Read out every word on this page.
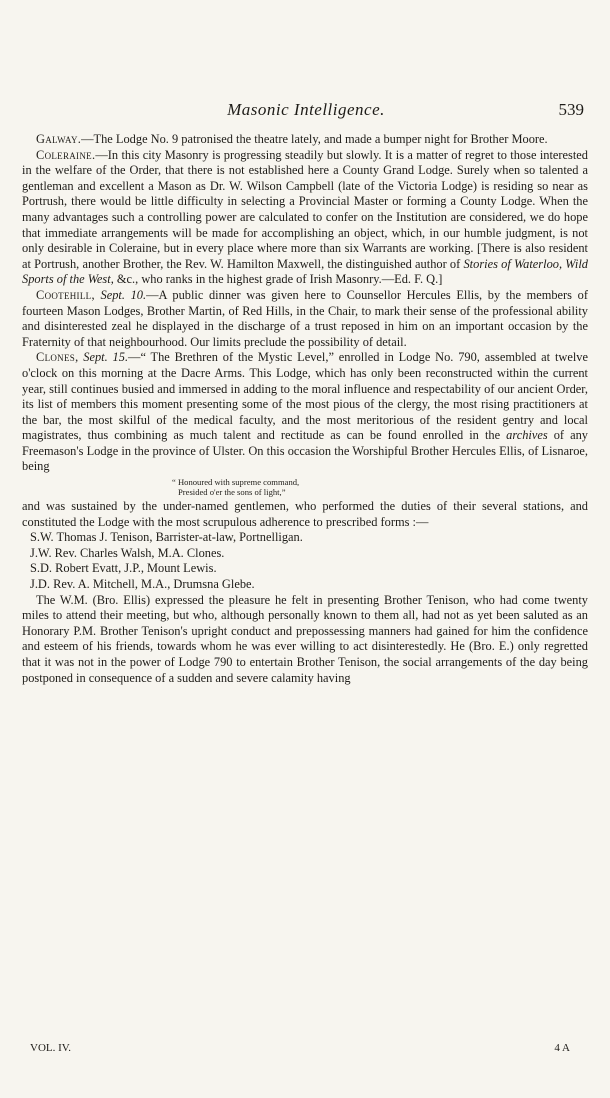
Masonic Intelligence.	539

Galway.—The Lodge No. 9 patronised the theatre lately, and made a bumper night for Brother Moore.

Coleraine.—In this city Masonry is progressing steadily but slowly. It is a matter of regret to those interested in the welfare of the Order, that there is not established here a County Grand Lodge. Surely when so talented a gentleman and excellent a Mason as Dr. W. Wilson Campbell (late of the Victoria Lodge) is residing so near as Portrush, there would be little difficulty in selecting a Provincial Master or forming a County Lodge. When the many advantages such a controlling power are calculated to confer on the Institution are considered, we do hope that immediate arrangements will be made for accomplishing an object, which, in our humble judgment, is not only desirable in Coleraine, but in every place where more than six Warrants are working. [There is also resident at Portrush, another Brother, the Rev. W. Hamilton Maxwell, the distinguished author of Stories of Waterloo, Wild Sports of the West, &c., who ranks in the highest grade of Irish Masonry.—Ed. F. Q.]

Cootehill, Sept. 10.—A public dinner was given here to Counsellor Hercules Ellis, by the members of fourteen Mason Lodges, Brother Martin, of Red Hills, in the Chair, to mark their sense of the professional ability and disinterested zeal he displayed in the discharge of a trust reposed in him on an important occasion by the Fraternity of that neighbourhood. Our limits preclude the possibility of detail.

Clones, Sept. 15.—“ The Brethren of the Mystic Level,” enrolled in Lodge No. 790, assembled at twelve o'clock on this morning at the Dacre Arms. This Lodge, which has only been reconstructed within the current year, still continues busied and immersed in adding to the moral influence and respectability of our ancient Order, its list of members this moment presenting some of the most pious of the clergy, the most rising practitioners at the bar, the most skilful of the medical faculty, and the most meritorious of the resident gentry and local magistrates, thus combining as much talent and rectitude as can be found enrolled in the archives of any Freemason's Lodge in the province of Ulster. On this occasion the Worshipful Brother Hercules Ellis, of Lisnaroe, being

“ Honoured with supreme command,
Presided o'er the sons of light,”

and was sustained by the under-named gentlemen, who performed the duties of their several stations, and constituted the Lodge with the most scrupulous adherence to prescribed forms :—

S.W. Thomas J. Tenison, Barrister-at-law, Portnelligan.
J.W. Rev. Charles Walsh, M.A. Clones.
S.D. Robert Evatt, J.P., Mount Lewis.
J.D. Rev. A. Mitchell, M.A., Drumsna Glebe.

The W.M. (Bro. Ellis) expressed the pleasure he felt in presenting Brother Tenison, who had come twenty miles to attend their meeting, but who, although personally known to them all, had not as yet been saluted as an Honorary P.M. Brother Tenison's upright conduct and prepossessing manners had gained for him the confidence and esteem of his friends, towards whom he was ever willing to act disinterestedly. He (Bro. E.) only regretted that it was not in the power of Lodge 790 to entertain Brother Tenison, the social arrangements of the day being postponed in consequence of a sudden and severe calamity having

VOL. IV.	4 A
